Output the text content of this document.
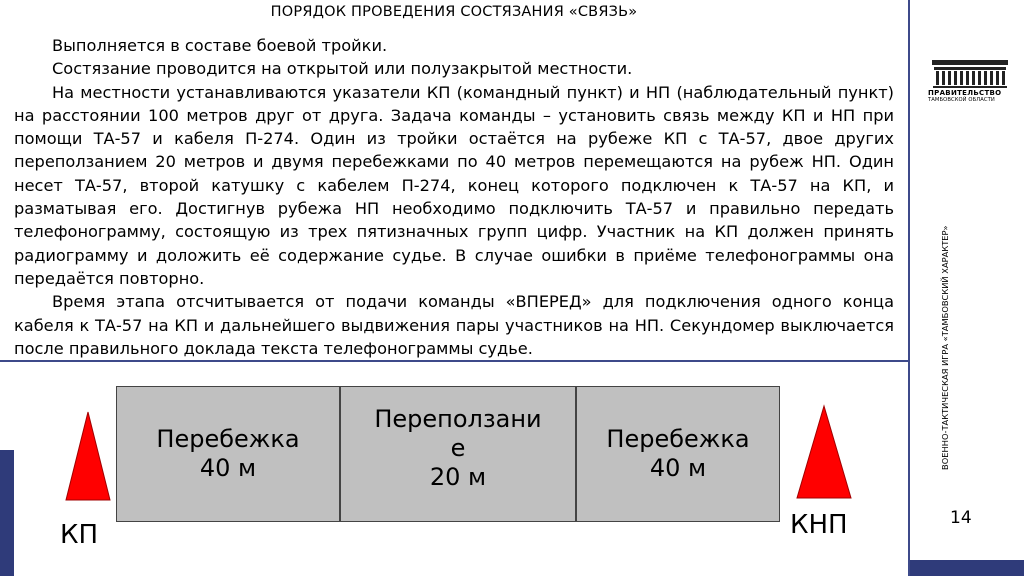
ПОРЯДОК ПРОВЕДЕНИЯ СОСТЯЗАНИЯ «СВЯЗЬ»

Выполняется в составе боевой тройки.

Состязание проводится на открытой или полузакрытой местности.

На местности устанавливаются указатели КП (командный пункт) и НП (наблюдательный пункт) на расстоянии 100 метров друг от друга. Задача команды – установить связь между КП и НП при помощи ТА-57 и кабеля П-274. Один из тройки остаётся на рубеже КП с ТА-57, двое других переползанием 20 метров и двумя перебежками по 40 метров перемещаются на рубеж НП. Один несет ТА-57, второй катушку с кабелем П-274, конец которого подключен к ТА-57 на КП, и разматывая его. Достигнув рубежа НП необходимо подключить ТА-57 и правильно передать телефонограмму, состоящую из трех пятизначных групп цифр. Участник на КП должен принять радиограмму и доложить её содержание судье. В случае ошибки в приёме телефонограммы она передаётся повторно.

Время этапа отсчитывается от подачи команды «ВПЕРЕД» для подключения одного конца кабеля к ТА-57 на КП и дальнейшего выдвижения пары участников на НП. Секундомер выключается после правильного доклада текста телефонограммы судье.

ПРАВИТЕЛЬСТВО
ТАМБОВСКОЙ ОБЛАСТИ
ВОЕННО-ТАКТИЧЕСКАЯ ИГРА «ТАМБОВСКИЙ ХАРАКТЕР»
14
Перебежка
40 м
Переползани
е
20 м
Перебежка
40 м
КП	КНП
